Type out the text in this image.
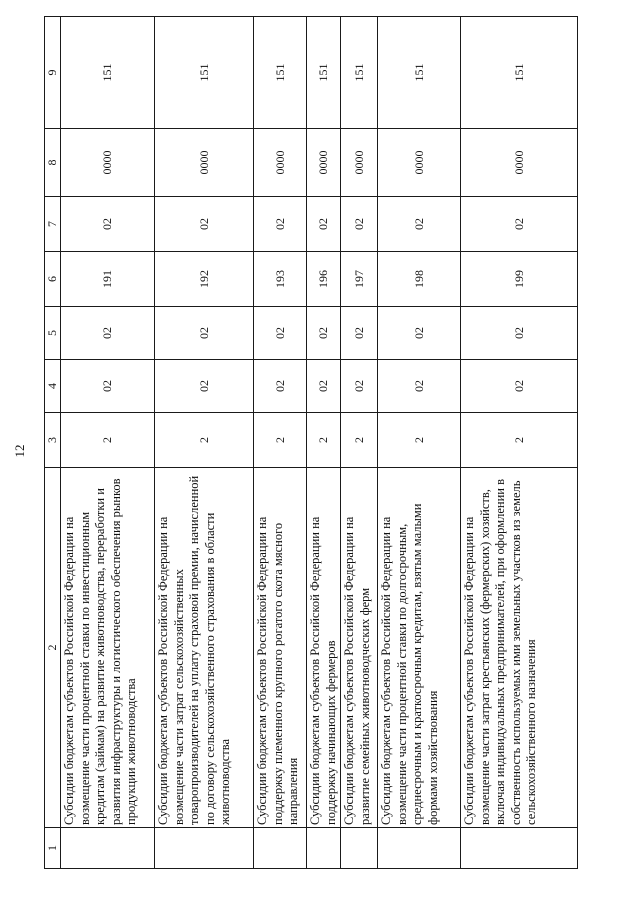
12
1	2	3	4	5	6	7	8	9
	Субсидии бюджетам субъектов Российской Федерации на возмещение части процентной ставки по инвестиционным кредитам (займам) на развитие животноводства, переработки и развития инфраструктуры и логистического обеспечения рынков продукции животноводства	2	02	02	191	02	0000	151
	Субсидии бюджетам субъектов Российской Федерации на возмещение части затрат сельскохозяйственных товаропроизводителей на уплату страховой премии, начисленной по договору сельскохозяйственного страхования в области животноводства	2	02	02	192	02	0000	151
	Субсидии бюджетам субъектов Российской Федерации на поддержку племенного крупного рогатого скота мясного направления	2	02	02	193	02	0000	151
	Субсидии бюджетам субъектов Российской Федерации на поддержку начинающих фермеров	2	02	02	196	02	0000	151
	Субсидии бюджетам субъектов Российской Федерации на развитие семейных животноводческих ферм	2	02	02	197	02	0000	151
	Субсидии бюджетам субъектов Российской Федерации на возмещение части процентной ставки по долгосрочным, среднесрочным и краткосрочным кредитам, взятым малыми формами хозяйствования	2	02	02	198	02	0000	151
	Субсидии бюджетам субъектов Российской Федерации на возмещение части затрат крестьянских (фермерских) хозяйств, включая индивидуальных предпринимателей, при оформлении в собственность используемых ими земельных участков из земель сельскохозяйственного назначения	2	02	02	199	02	0000	151
